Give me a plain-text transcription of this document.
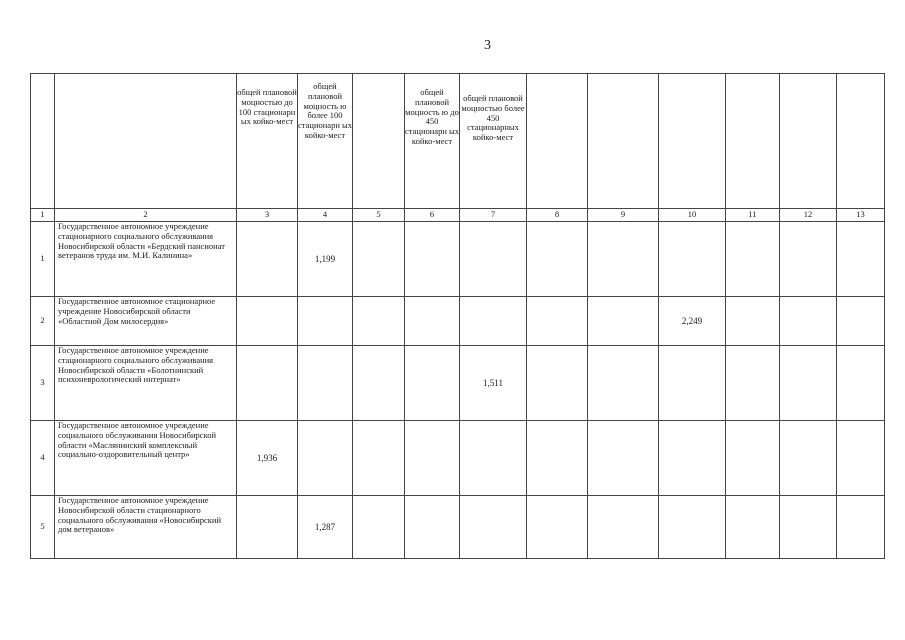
3
		общей плановой моцностью до 100 стационарн ых койко-мест	общей плановой моцность ю более 100 стационарн ых койко-мест		общей плановой моцность ю до 450 стационарн ых койко-мест	общей плановой моцностью более 450 стационарных койко-мест						
1	2	3	4	5	6	7	8	9	10	11	12	13
1	Государственное автономное учреждение стационарного социального обслуживания Новосибирской области «Бердский пансионат ветеранов труда им. М.И. Калинина»		1,199									
2	Государственное автономное стационарное учреждение Новосибирской области «Областной Дом милосердия»								2,249			
3	Государственное автономное учреждение стационарного социального обслуживания Новосибирской области «Болотнинский психоневрологический интернат»					1,511						
4	Государственное автономное учреждение социального обслуживания Новосибирской области «Маслянинский комплексный социально-оздоровительный центр»	1,936										
5	Государственное автономное учреждение Новосибирской области стационарного социального обслуживания «Новосибирский дом ветеранов»		1,287									
